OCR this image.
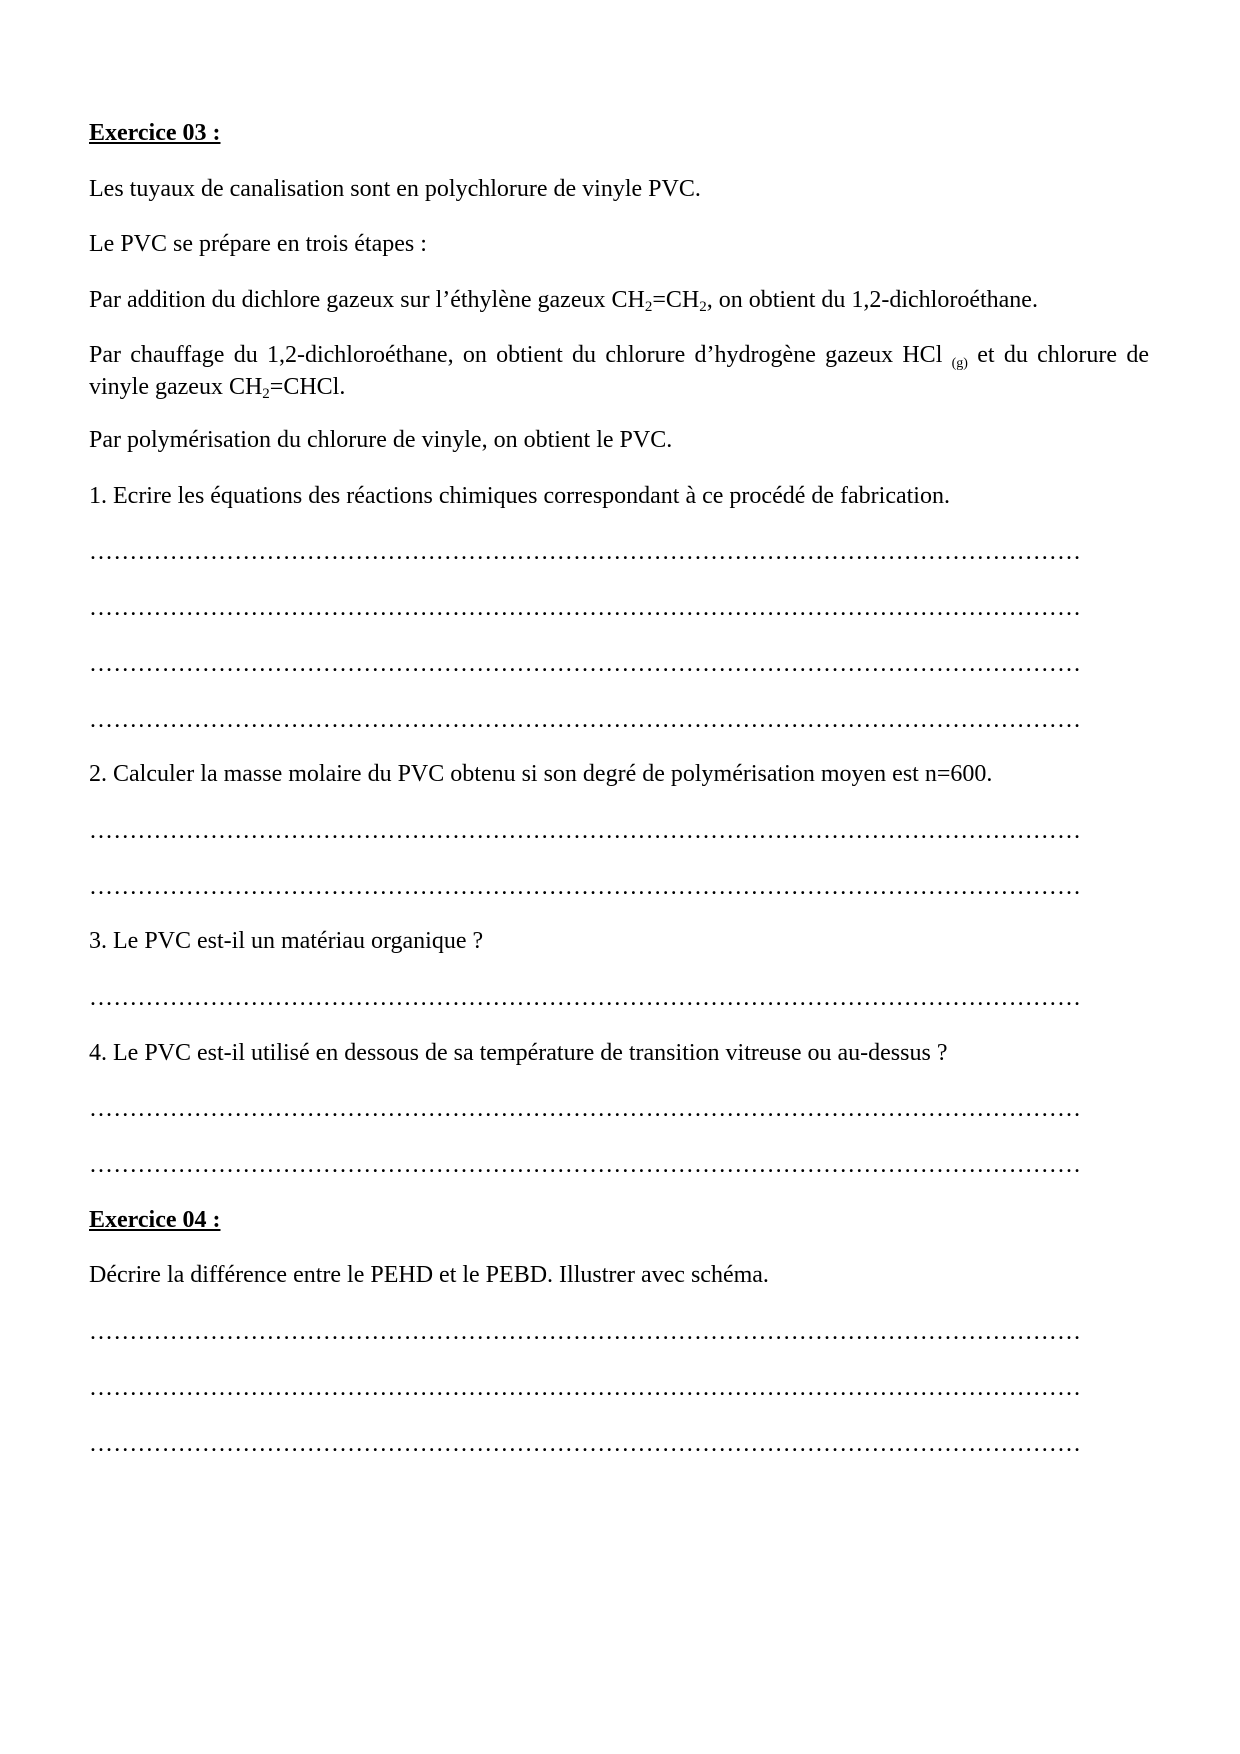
Exercice 03 :
Les tuyaux de canalisation sont en polychlorure de vinyle PVC.
Le PVC se prépare en trois étapes :
Par addition du dichlore gazeux sur l’éthylène gazeux $CH_2=CH_2$, on obtient du 1,2-dichloroéthane.
Par chauffage du 1,2-dichloroéthane, on obtient du chlorure d’hydrogène gazeux HCl $_{(g)}$ et du chlorure de vinyle gazeux $CH_2=CHCl$.
Par polymérisation du chlorure de vinyle, on obtient le PVC.
1. Ecrire les équations des réactions chimiques correspondant à ce procédé de fabrication.
……………………………………………………………………………………………………………
……………………………………………………………………………………………………………
……………………………………………………………………………………………………………
……………………………………………………………………………………………………………
2. Calculer la masse molaire du PVC obtenu si son degré de polymérisation moyen est n=600.
……………………………………………………………………………………………………………
……………………………………………………………………………………………………………
3. Le PVC est-il un matériau organique ?
……………………………………………………………………………………………………………
4. Le PVC est-il utilisé en dessous de sa température de transition vitreuse ou au-dessus ?
……………………………………………………………………………………………………………
……………………………………………………………………………………………………………
Exercice 04 :
Décrire la différence entre le PEHD et le PEBD. Illustrer avec schéma.
……………………………………………………………………………………………………………
……………………………………………………………………………………………………………
……………………………………………………………………………………………………………
